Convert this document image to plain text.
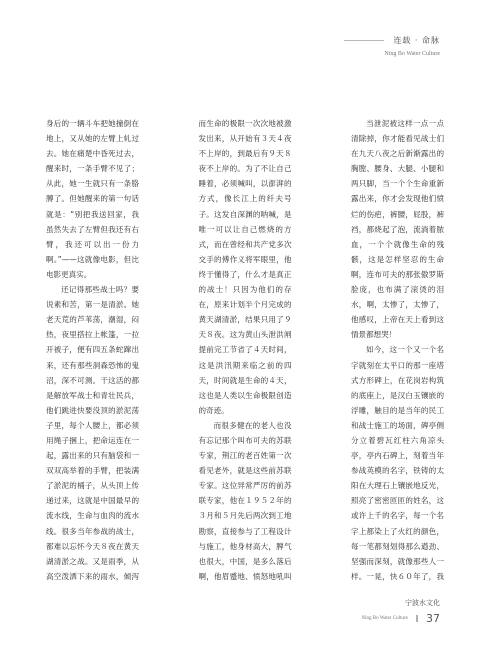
连载 · 命脉
Ning Bo Water Culture

身后的一辆斗车把她撞倒在地上，又从她的左臂上轧过去。她在痛楚中昏死过去，醒来时，一条手臂不见了；从此，她一生就只有一条胳膊了。但她醒来的第一句话就是：“别把我送回家，我虽然失去了左臂但我还有右臂，我还可以出一份力啊。”——这就像电影，但比电影更真实。

还记得那些战士吗？要说素和苦，第一是清淤。她老天荒的芦苇荡，潮湿，闷热，夜里搭拉上帐篷，一拉开被子，便有四五条蛇蹿出来，还有那些洞森恐怖的鬼沼，深不可测。干这活的都是解放军战士和青壮民兵，他们跳进快要没顶的淤泥荡子里，每个人腰上，都必须用绳子捆上，把命运连在一起，露出来的只有脑袋和一双双高举着的手臂，把装满了淤泥的桶子，从头顶上传递过来，这就是中国最早的流水线，生命与血肉的流水线。很多当年参战的战士，都难以忘怀今天８夜在黄天湖清淤之战。又是雨季，从高空泼洒下来的雨水，倾泻

而生命的极限一次次地被激发出来，从开始有３天４夜不上岸的，到最后有９天８夜不上岸的。为了不让自己睡着，必须喊叫，以澎湃的方式，像长江上的纤夫号子。这发自深渊的呐喊，是唯一可以让自己燃烧的方式，而在曾经和共产党多次交手的傅作义将军眼里，他终于懂得了，什么才是真正的战士！只因为他们的存在，原来计划半个月完成的黄天湖清淤，结果只用了９天８夜。这为黄山头泄洪闸提前完工节省了４天时间，这是洪汛期来临之前的四天，时间就是生命的４天，这也是人类以生命极限创造的奇迹。

而很多健在的老人也没有忘记那个叫布可夫的苏联专家，荆江的老百姓第一次看见老外，就是这些前苏联专家。这位异常严厉的前苏联专家，他在１９５２年的３月和５月先后两次到工地勘察，直接参与了工程设计与施工，他身材高大，脾气也很大，中国，是多么落后啊，他眉蹙地、愤怒地吼叫

当泄泥被这样一点一点清除掉，你才能看见战士们在九天八夜之后新渐露出的胸膛、腰身、大腿、小腿和两只脚，当一个个生命重新露出来，你才会发现他们愤烂的伤疤，裤腰，屁股，裤裆，都烧起了泡，流淌着脓血，一个个就像生命的残骸，这是怎样坚忍的生命啊，连布可夫的那张傲罗斯脸庞，也布满了滚烫的泪水，啊，太惨了，太惨了，他感叹，上帝在天上看到这情景都想哭！

如今，这一个又一个名字就刻在太平口的那一座塔式方形碑上，在花岗岩构筑的底座上，是汉白玉镶嵌的浮雕，触目的是当年的民工和战士施工的场面，碑亭侧分立着碧瓦红柱六角凉头亭，亭内石碑上，刻着当年参战英模的名字，铁铸的太阳在大理石上镶嵌地反光，照亮了密密匝匝的姓名，这或许上千的名字，每一个名字上都染上了火红的颜色，每一笔都刻划得那么遒劲、坚强而深刻，就像那些人一样。一晃，快６０年了，我

宁波水文化
Ning Bo Water Culture 37
